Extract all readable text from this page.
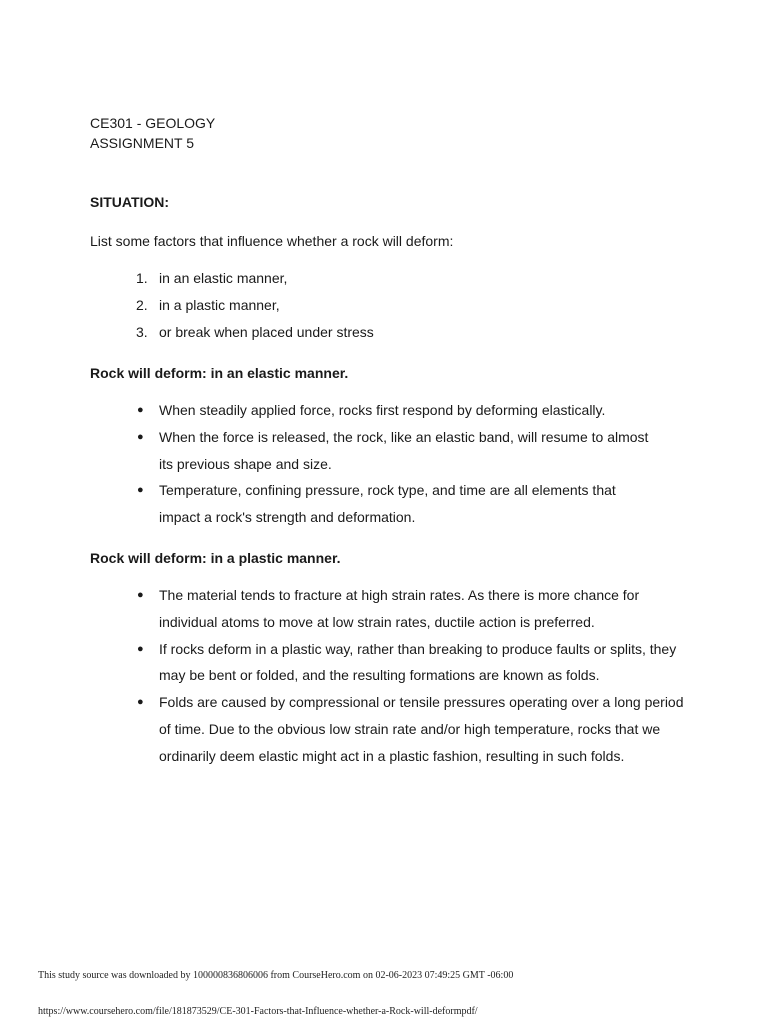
CE301 - GEOLOGY
ASSIGNMENT 5
SITUATION:
List some factors that influence whether a rock will deform:
1. in an elastic manner,
2. in a plastic manner,
3. or break when placed under stress
Rock will deform: in an elastic manner.
● When steadily applied force, rocks first respond by deforming elastically.
● When the force is released, the rock, like an elastic band, will resume to almost its previous shape and size.
● Temperature, confining pressure, rock type, and time are all elements that impact a rock's strength and deformation.
Rock will deform: in a plastic manner.
● The material tends to fracture at high strain rates. As there is more chance for individual atoms to move at low strain rates, ductile action is preferred.
● If rocks deform in a plastic way, rather than breaking to produce faults or splits, they may be bent or folded, and the resulting formations are known as folds.
● Folds are caused by compressional or tensile pressures operating over a long period of time. Due to the obvious low strain rate and/or high temperature, rocks that we ordinarily deem elastic might act in a plastic fashion, resulting in such folds.
This study source was downloaded by 100000836806006 from CourseHero.com on 02-06-2023 07:49:25 GMT -06:00
https://www.coursehero.com/file/181873529/CE-301-Factors-that-Influence-whether-a-Rock-will-deformpdf/
